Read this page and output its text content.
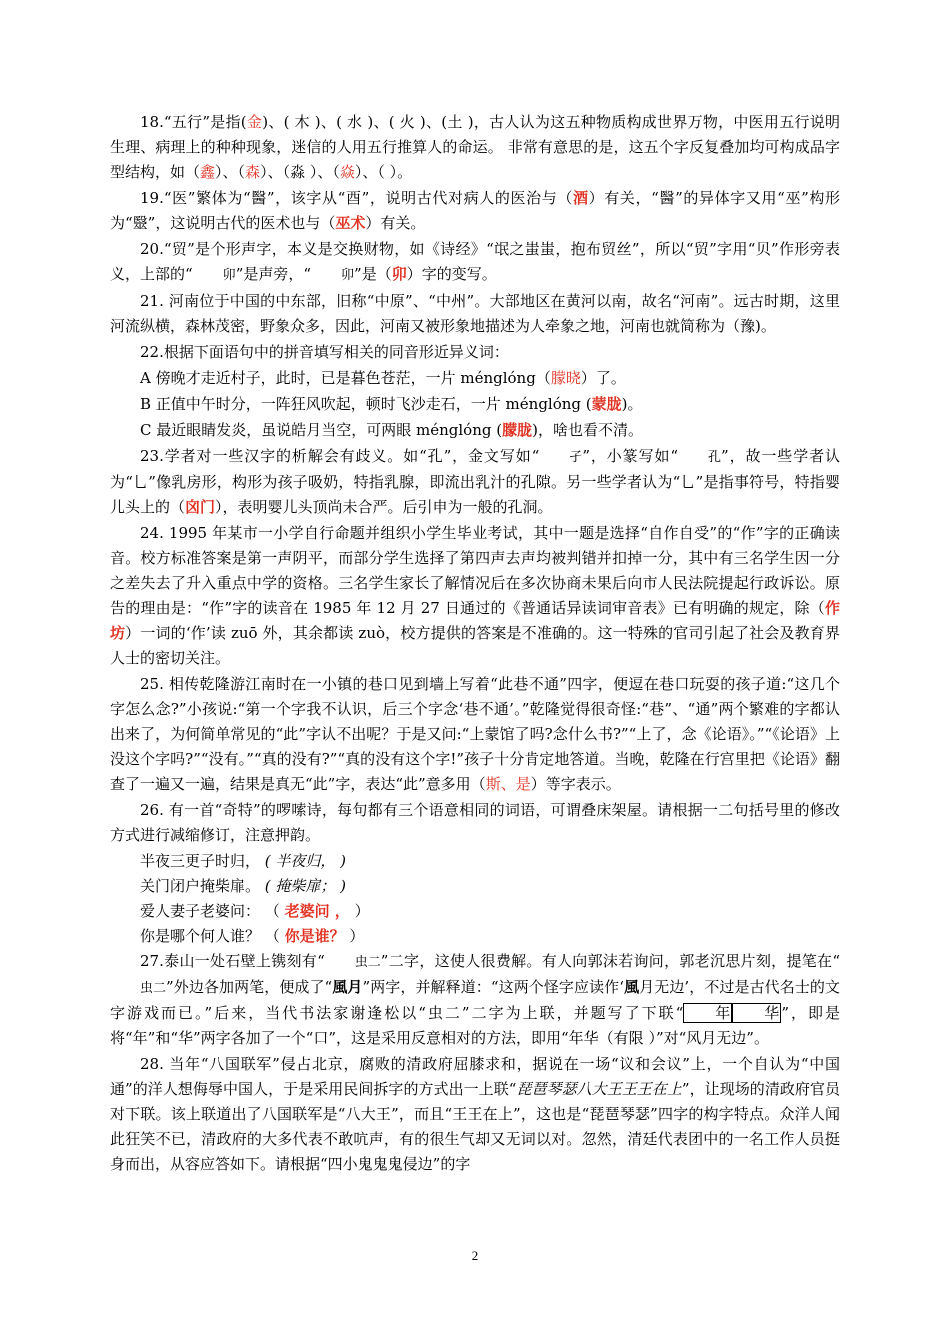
18.“五行”是指(金)、( 木 )、( 水 )、( 火 )、(土 )，古人认为这五种物质构成世界万物，中医用五行说明生理、病理上的种种现象，迷信的人用五行推算人的命运。 非常有意思的是，这五个字反复叠加均可构成品字型结构，如（鑫）、（森）、（淼 ）、（焱）、（ ）。

19.“医”繁体为“醫”，该字从“酉”，说明古代对病人的医治与（酒）有关，“醫”的异体字又用“巫”构形为“毉”，这说明古代的医术也与（巫术）有关。

20.“贸”是个形声字，本义是交换财物，如《诗经》“氓之蚩蚩，抱布贸丝”，所以“贸”字用“贝”作形旁表义，上部的“ 卯”是声旁，“ 卯”是（卯）字的变写。

21. 河南位于中国的中东部，旧称“中原”、“中州”。大部地区在黄河以南，故名“河南”。远古时期，这里河流纵横，森林茂密，野象众多，因此，河南又被形象地描述为人牵象之地，河南也就简称为（豫)。

22.根据下面语句中的拼音填写相关的同音形近异义词：

A 傍晚才走近村子，此时，已是暮色苍茫，一片 ménglóng（朦晓）了。

B 正值中午时分，一阵狂风吹起，顿时飞沙走石，一片 ménglóng (蒙胧)。

C 最近眼睛发炎，虽说皓月当空，可两眼 ménglóng (朦胧)，啥也看不清。

23.学者对一些汉字的析解会有歧义。如“孔”，金文写如“ 孑”，小篆写如“ 孔”，故一些学者认为“乚”像乳房形，构形为孩子吸奶，特指乳腺，即流出乳汁的孔隙。另一些学者认为“乚”是指事符号，特指婴儿头上的（囟门），表明婴儿头顶尚未合严。后引申为一般的孔洞。

24. 1995 年某市一小学自行命题并组织小学生毕业考试，其中一题是选择“自作自受”的“作”字的正确读音。校方标准答案是第一声阴平，而部分学生选择了第四声去声均被判错并扣掉一分，其中有三名学生因一分之差失去了升入重点中学的资格。三名学生家长了解情况后在多次协商未果后向市人民法院提起行政诉讼。原告的理由是：“作”字的读音在 1985 年 12 月 27 日通过的《普通话异读词审音表》已有明确的规定，除（作坊）一词的‘作’读 zuō 外，其余都读 zuò，校方提供的答案是不准确的。这一特殊的官司引起了社会及教育界人士的密切关注。

25. 相传乾隆游江南时在一小镇的巷口见到墙上写着“此巷不通”四字，便逗在巷口玩耍的孩子道:“这几个字怎么念?”小孩说:“第一个字我不认识，后三个字念‘巷不通’。”乾隆觉得很奇怪:“巷”、“通”两个繁难的字都认出来了，为何简单常见的“此”字认不出呢？于是又问:“上蒙馆了吗?念什么书?”“上了，念《论语》。”“《论语》上没这个字吗?”“没有。”“真的没有?”“真的没有这个字!”孩子十分肯定地答道。当晚，乾隆在行宫里把《论语》翻查了一遍又一遍，结果是真无“此”字，表达“此”意多用（斯、是）等字表示。

26. 有一首“奇特”的啰嗦诗，每句都有三个语意相同的词语，可谓叠床架屋。请根据一二句括号里的修改方式进行减缩修订，注意押韵。

半夜三更子时归， ( 半夜归， )
关门闭户掩柴扉。 ( 掩柴扉； )
爱人妻子老婆问： （ 老婆问 ， ）
你是哪个何人谁？ （ 你是谁？ ）

27.泰山一处石壁上镌刻有“ 虫二”二字，这使人很费解。有人向郭沫若询问，郭老沉思片刻，提笔在“虫二”外边各加两笔，便成了“風月”两字，并解释道：“这两个怪字应读作‘風月无边’，不过是古代名士的文字游戏而已。”后来，当代书法家谢逢松以“虫二”二字为上联，并题写了下联“ 年 华 ”，即是将“年”和“华”两字各加了一个“口”，这是采用反意相对的方法，即用“年华（有限 ）”对“风月无边”。

28. 当年“八国联军”侵占北京，腐败的清政府屈膝求和，据说在一场“议和会议”上，一个自认为“中国通”的洋人想侮辱中国人，于是采用民间拆字的方式出一上联“琵琶琴瑟八大王王王在上”，让现场的清政府官员对下联。该上联道出了八国联军是“八大王”，而且“王王在上”，这也是“琵琶琴瑟”四字的构字特点。众洋人闻此狂笑不已，清政府的大多代表不敢吭声，有的很生气却又无词以对。忽然，清廷代表团中的一名工作人员挺身而出，从容应答如下。请根据“四小鬼鬼鬼侵边”的字

2
